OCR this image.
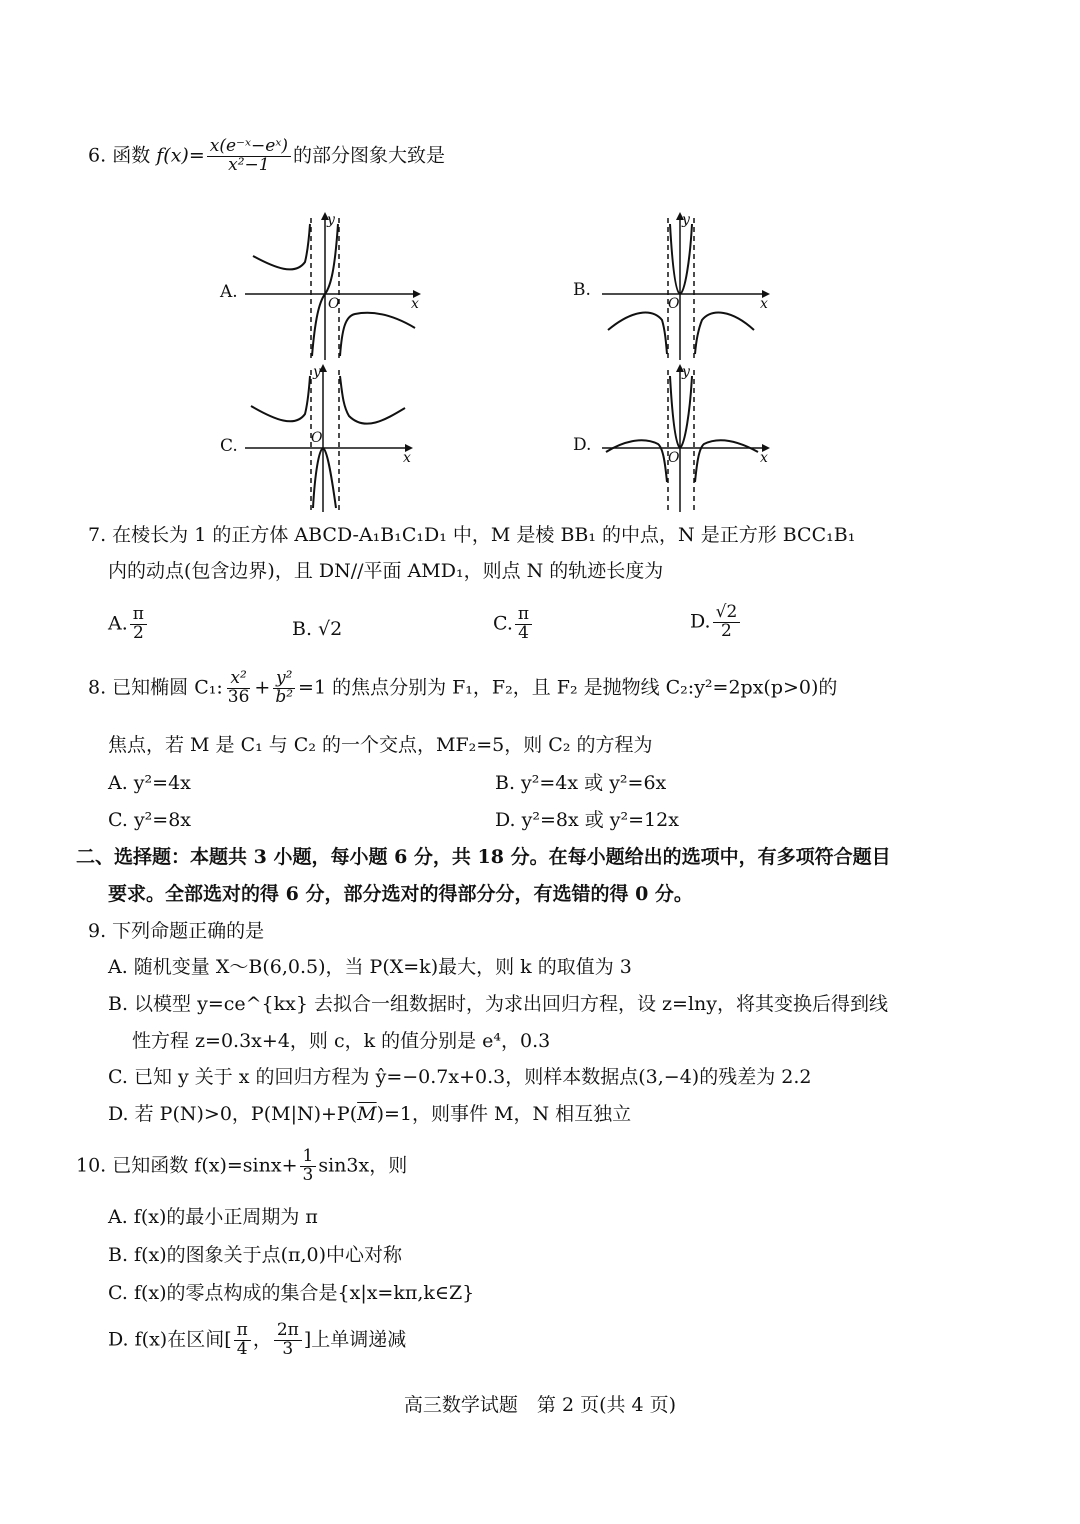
6. 函数 $f(x)= \frac{\text{x(e⁻ˣ−eˣ)}}{\text{x²−1}}$ 的部分图象大致是
A.
y
x
O
B.
y
x
O
C.
y
x
O	D.
y
x
O
7. 在棱长为 1 的正方体 ABCD-A₁B₁C₁D₁ 中，M 是棱 BB₁ 的中点，N 是正方形 BCC₁B₁
内的动点(包含边界)，且 DN//平面 AMD₁，则点 N 的轨迹长度为
A. $\frac{\pi}{2}$	B. √2	C. $\frac{\pi}{4}$	D. $\frac{√2}{2}$
8. 已知椭圆 C₁: $\frac{\text{x²}}{36} + \frac{\text{y²}}{\text{b²}} =1$ 的焦点分别为 F₁，F₂，且 F₂ 是抛物线 C₂:y²=2px(p>0)的
焦点，若 M 是 C₁ 与 C₂ 的一个交点，MF₂=5，则 C₂ 的方程为
A. y²=4x	B. y²=4x 或 y²=6x
C. y²=8x	D. y²=8x 或 y²=12x
二、选择题：本题共 3 小题，每小题 6 分，共 18 分。在每小题给出的选项中，有多项符合题目
要求。全部选对的得 6 分，部分选对的得部分分，有选错的得 0 分。
9. 下列命题正确的是
A. 随机变量 X～B(6,0.5)，当 P(X=k)最大，则 k 的取值为 3
B. 以模型 y=ce^{kx} 去拟合一组数据时，为求出回归方程，设 z=lny，将其变换后得到线
性方程 z=0.3x+4，则 c，k 的值分别是 e⁴，0.3
C. 已知 y 关于 x 的回归方程为 ŷ=−0.7x+0.3，则样本数据点(3,−4)的残差为 2.2
D. 若 P(N)>0，$P(M|N)+P(\overline{M})=1$，则事件 M，N 相互独立
10. 已知函数 $f(x)=\sin x+ \frac{1}{3} \sin 3x$，则
A. f(x)的最小正周期为 π
B. f(x)的图象关于点(π,0)中心对称
C. f(x)的零点构成的集合是{x|x=kπ,k∈Z}
D. f(x)在区间[ $\frac{\pi}{4}$ ， $\frac{2\pi}{3}$ ]上单调递减
高三数学试题　第 2 页(共 4 页)
